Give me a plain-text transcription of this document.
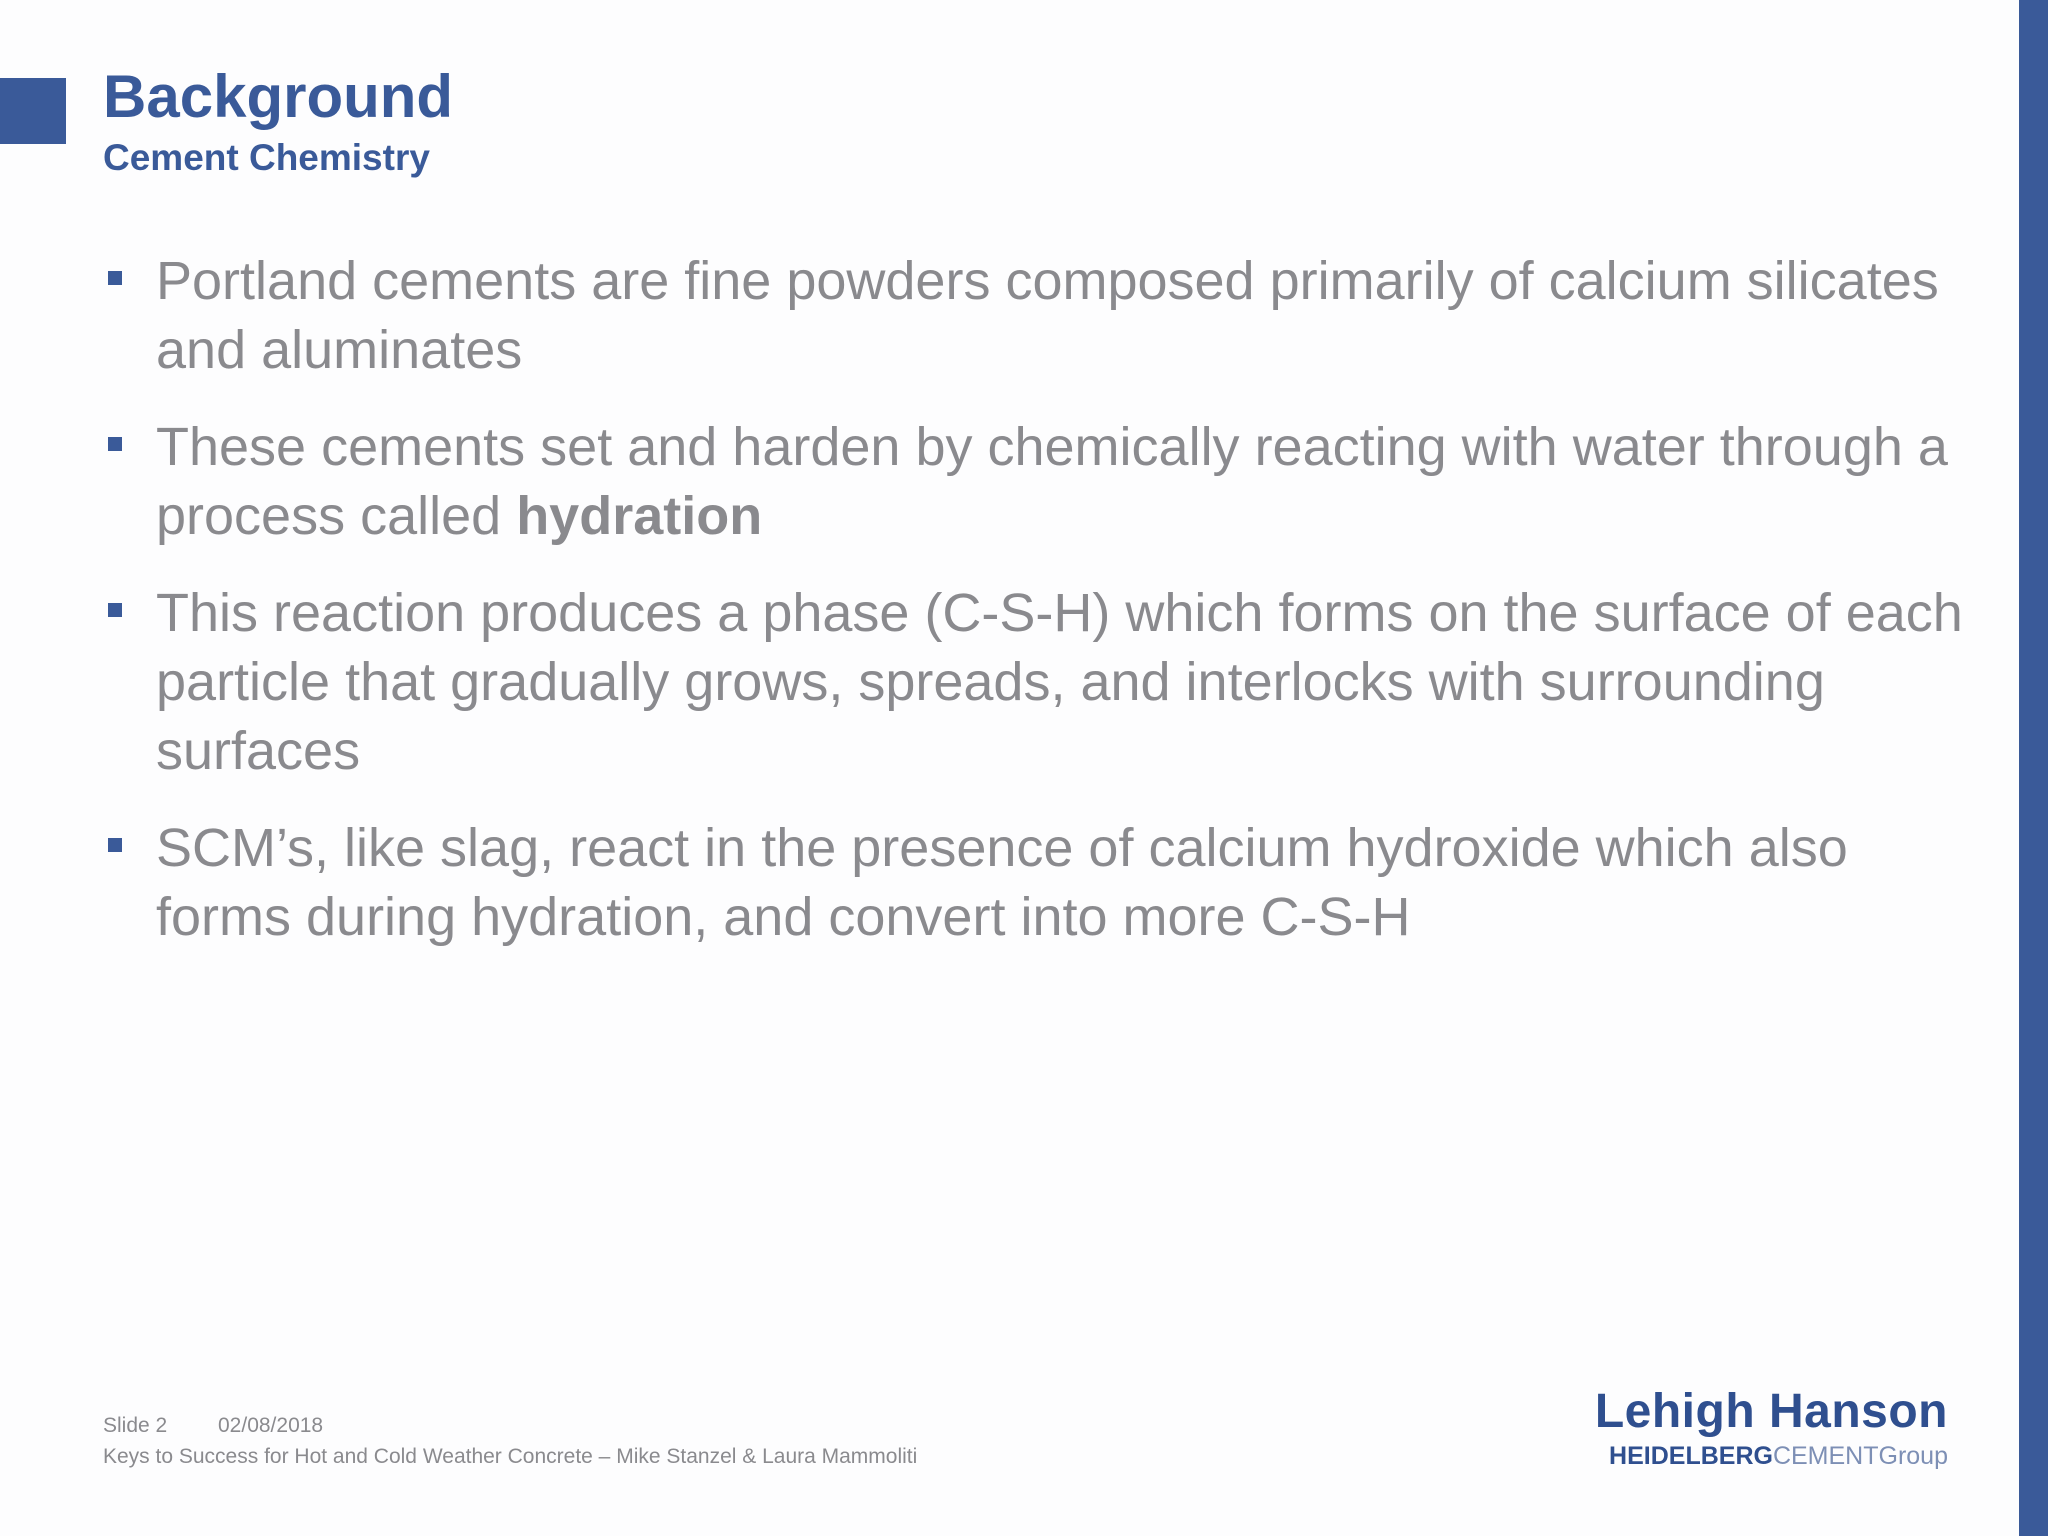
Background
Cement Chemistry
Portland cements are fine powders composed primarily of calcium silicates and aluminates
These cements set and harden by chemically reacting with water through a process called hydration
This reaction produces a phase (C-S-H) which forms on the surface of each particle that gradually grows, spreads, and interlocks with surrounding surfaces
SCM’s, like slag, react in the presence of calcium hydroxide which also forms during hydration, and convert into more C-S-H
Slide 2 02/08/2018
Keys to Success for Hot and Cold Weather Concrete – Mike Stanzel & Laura Mammoliti
Lehigh Hanson
HEIDELBERGCEMENTGroup
